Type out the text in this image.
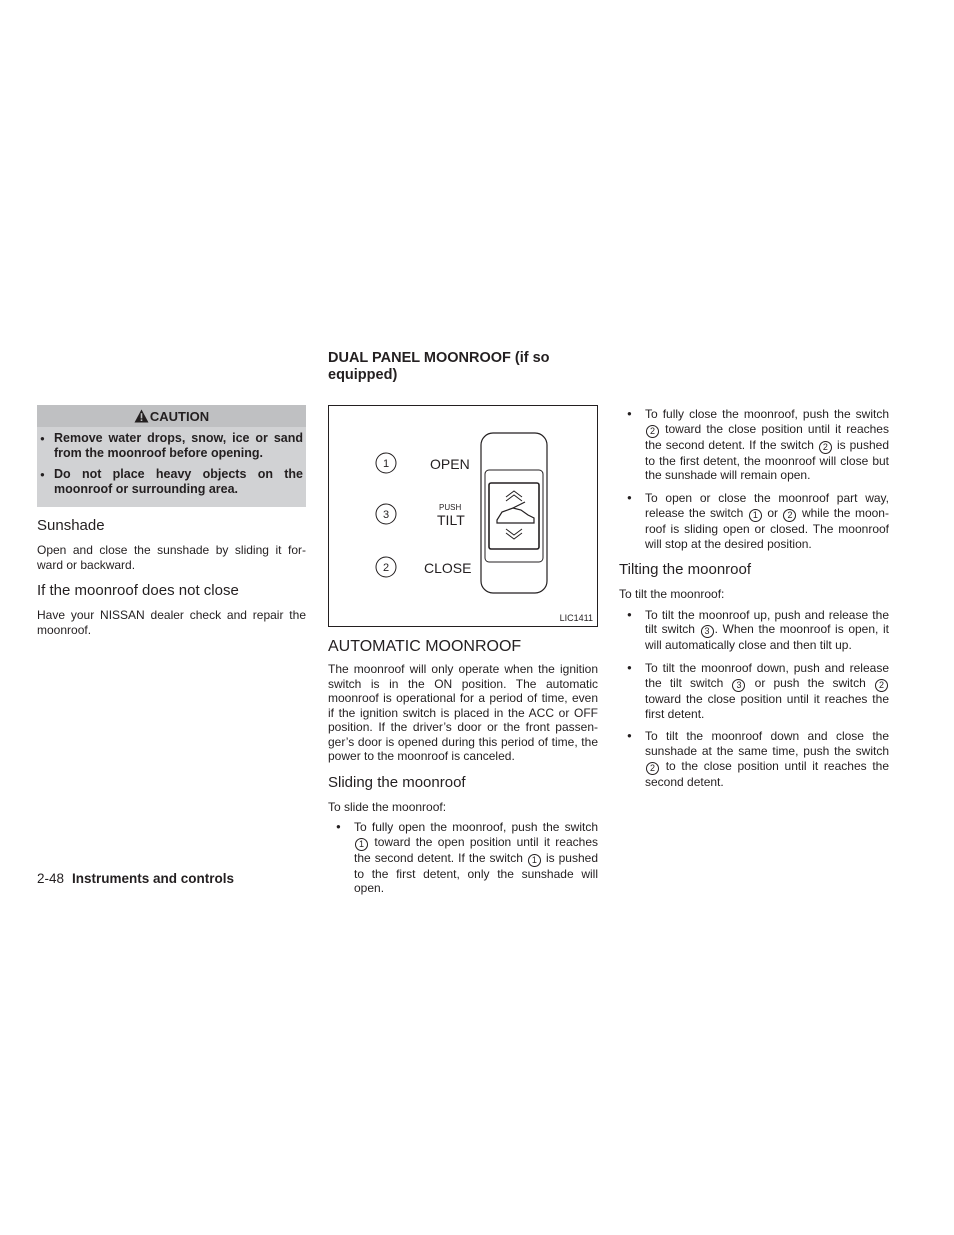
CAUTION
● Remove water drops, snow, ice or sand from the moonroof before opening.
● Do not place heavy objects on the moonroof or surrounding area.
Sunshade

Open and close the sunshade by sliding it for-ward or backward.

If the moonroof does not close

Have your NISSAN dealer check and repair the moonroof.

DUAL PANEL MOONROOF (if so equipped)
1
3
2
OPEN
PUSH
TILT
CLOSE
LIC1411
AUTOMATIC MOONROOF

The moonroof will only operate when the ignition switch is in the ON position. The automatic moonroof is operational for a period of time, even if the ignition switch is placed in the ACC or OFF position. If the driver’s door or the front passen-ger’s door is opened during this period of time, the power to the moonroof is canceled.

Sliding the moonroof

To slide the moonroof:

● To fully open the moonroof, push the switch 1 toward the open position until it reaches the second detent. If the switch 1 is pushed to the first detent, only the sunshade will open.
● To fully close the moonroof, push the switch 2 toward the close position until it reaches the second detent. If the switch 2 is pushed to the first detent, the moonroof will close but the sunshade will remain open.
● To open or close the moonroof part way, release the switch 1 or 2 while the moon-roof is sliding open or closed. The moonroof will stop at the desired position.
Tilting the moonroof

To tilt the moonroof:

● To tilt the moonroof up, push and release the tilt switch 3 . When the moonroof is open, it will automatically close and then tilt up.
● To tilt the moonroof down, push and release the tilt switch 3 or push the switch 2 toward the close position until it reaches the first detent.
● To tilt the moonroof down and close the sunshade at the same time, push the switch 2 to the close position until it reaches the second detent.
2-48 Instruments and controls
